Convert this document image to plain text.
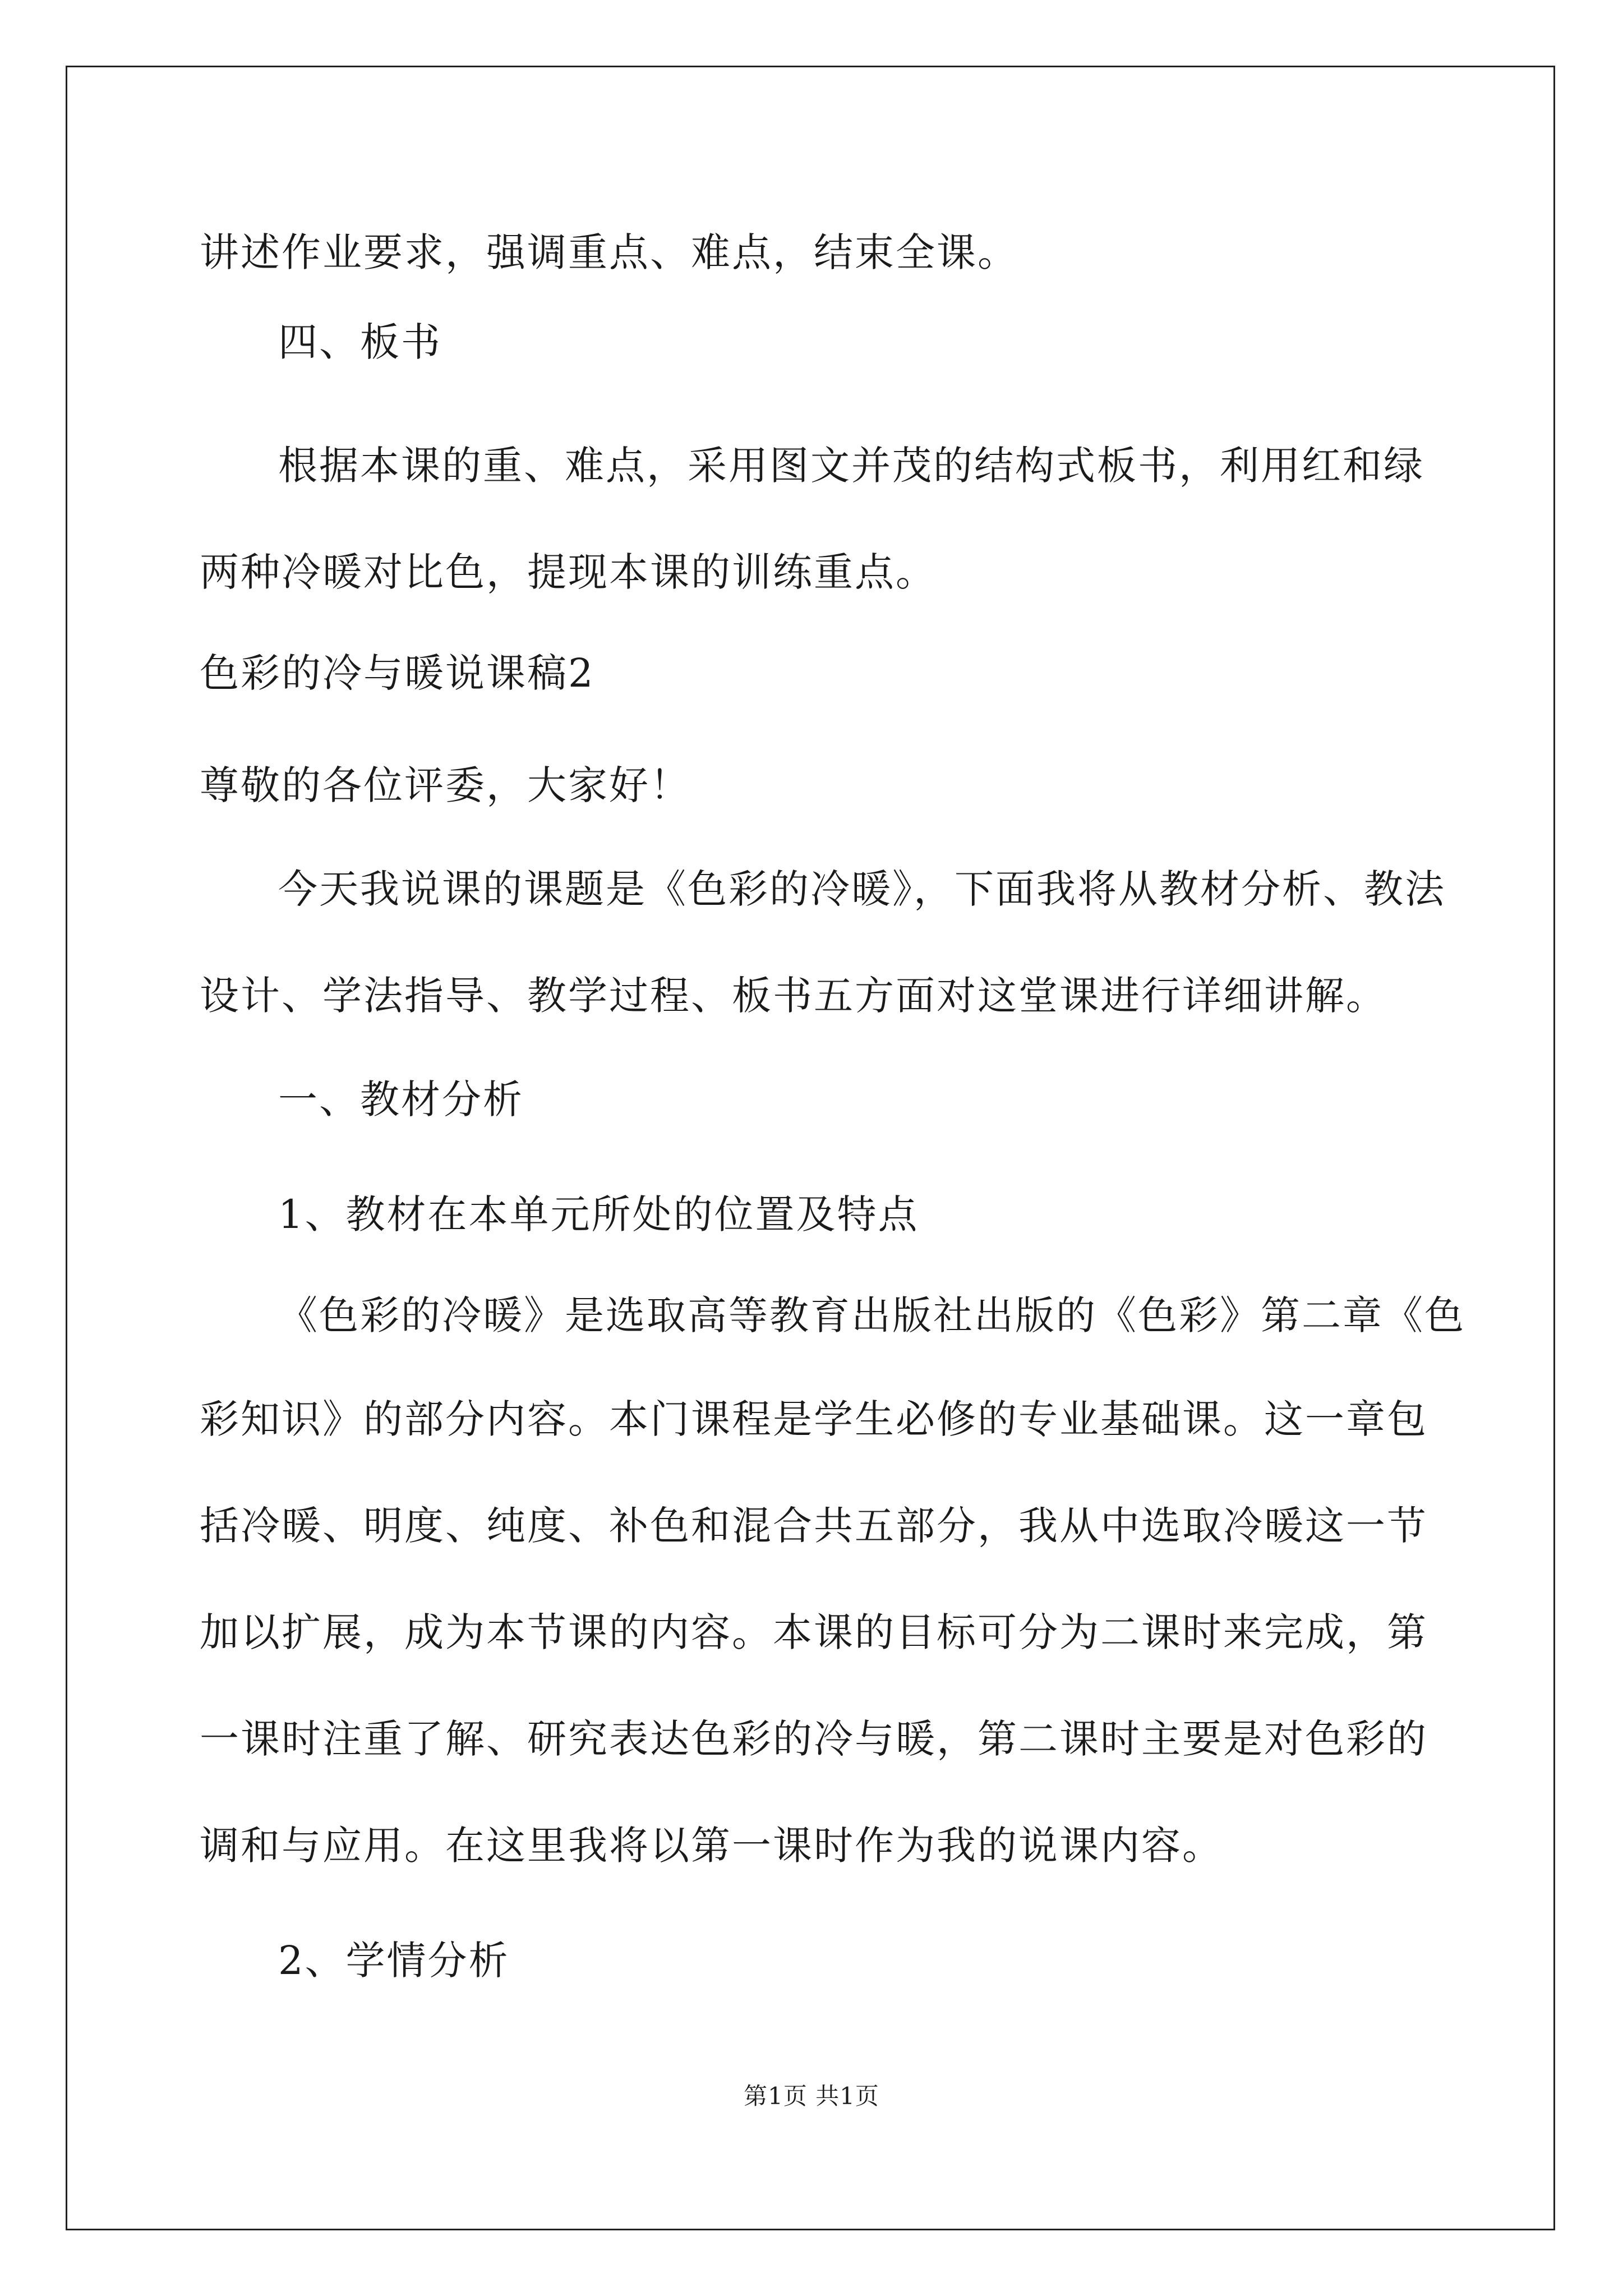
讲述作业要求，强调重点、难点，结束全课。
四、板书
根据本课的重、难点，采用图文并茂的结构式板书，利用红和绿
两种冷暖对比色，提现本课的训练重点。
色彩的冷与暖说课稿2
尊敬的各位评委，大家好！
今天我说课的课题是《色彩的冷暖》，下面我将从教材分析、教法
设计、学法指导、教学过程、板书五方面对这堂课进行详细讲解。
一、教材分析
1、教材在本单元所处的位置及特点
《色彩的冷暖》是选取高等教育出版社出版的《色彩》第二章《色
彩知识》的部分内容。本门课程是学生必修的专业基础课。这一章包
括冷暖、明度、纯度、补色和混合共五部分，我从中选取冷暖这一节
加以扩展，成为本节课的内容。本课的目标可分为二课时来完成，第
一课时注重了解、研究表达色彩的冷与暖，第二课时主要是对色彩的
调和与应用。在这里我将以第一课时作为我的说课内容。
2、学情分析
第1页 共1页
